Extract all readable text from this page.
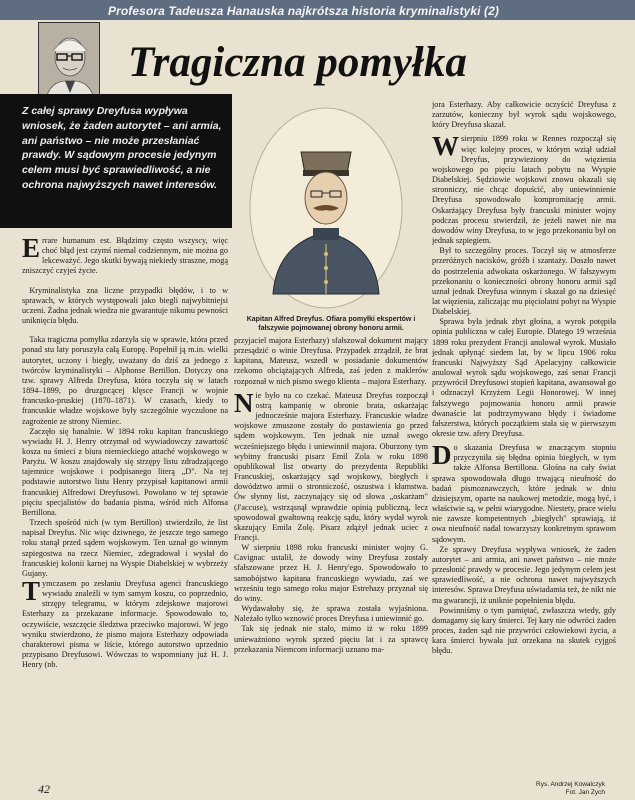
Profesora Tadeusza Hanauska najkrótsza historia kryminalistyki (2)
Tragiczna pomyłka
Z całej sprawy Dreyfusa wypływa wniosek, że żaden autorytet – ani armia, ani państwo – nie może przesłaniać prawdy. W sądowym procesie jedynym celem musi być sprawiedliwość, a nie ochrona najwyższych nawet interesów.
Kapitan Alfred Dreyfus. Ofiara pomyłki ekspertów i fałszywie pojmowanej obrony honoru armii.

Errare humanum est. Błądzimy często wszyscy, więc choć błąd jest czymś niemal codziennym, nie można go lekceważyć. Jego skutki bywają niekiedy straszne, mogą zniszczyć czyjeś życie.

Kryminalistyka zna liczne przypadki błędów, i to w sprawach, w których występowali jako biegli najwybitniejsi uczeni. Żadna jednak wiedza nie gwarantuje nikomu pewności uniknięcia błędu.

Taka tragiczna pomyłka zdarzyła się w sprawie, która przed ponad stu laty poruszyła całą Europę. Popełnił ją m.in. wielki autorytet, uczony i biegły, uważany do dziś za jednego z twórców kryminalistyki – Alphonse Bertillon. Dotyczy ona tzw. sprawy Alfreda Dreyfusa, która toczyła się w latach 1894–1899, po druzgocącej klęsce Francji w wojnie francusko-pruskiej (1870–1871). W czasach, kiedy to francuskie władze wojskowe były szczególnie wyczulone na zagrożenie ze strony Niemiec.

Zaczęło się banalnie. W 1894 roku kapitan francuskiego wywiadu H. J. Henry otrzymał od wywiadowczy zawartość kosza na śmieci z biura niemieckiego attaché wojskowego w Paryżu. W koszu znajdowały się strzępy listu zdradzającego tajemnice wojskowe i podpisanego literą „D". Na tej podstawie autorstwo listu Henry przypisał kapitanowi armii francuskiej Alfredowi Dreyfusowi. Powołano w tej sprawie pięciu specjalistów do badania pisma, wśród nich Alfonsa Bertillona.

Trzech spośród nich (w tym Bertillon) stwierdziło, że list napisał Dreyfus. Nic więc dziwnego, że jeszcze tego samego roku stanął przed sądem wojskowym. Ten uznał go winnym szpiegostwa na rzecz Niemiec, zdegradował i wysłał do francuskiej kolonii karnej na Wyspie Diabelskiej w wybrzeży Gujany.

Tymczasem po zesłaniu Dreyfusa agenci francuskiego wywiadu znaleźli w tym samym koszu, co poprzednio, strzępy telegramu, w którym zdejskowe majorowi Esterhazy za przekazane informacje. Spowodowało to, oczywiście, wszczęcie śledztwa przeciwko majorowi. W jego wyniku stwierdzono, że pismo majora Esterhazy odpowiada charakterowi pisma w liście, którego autorstwo uprzednio przypisano Dreyfusowi. Wówczas to wspomniany już H. J. Henry (nb.

przyjaciel majora Esterhazy) sfałszował dokument mający przesądzić o winie Dreyfusa. Przypadek zrządził, że brat kapitana, Mateusz, wszedł w posiadanie dokumentów rzekomo obciążających Alfreda, zaś jeden z maklerów rozpoznał w nich pismo swego klienta – majora Esterhazy.

Nie było na co czekać. Mateusz Dreyfus rozpoczął ostrą kampanię w obronie brata, oskarżając jednocześnie majora Esterhazy. Francuskie władze wojskowe zmuszone zostały do postawienia go przed sądem wojskowym. Ten jednak nie uznał swego wcześniejszego błędu i uniewinnił majora. Oburzony tym wybitny francuski pisarz Emil Zola w roku 1898 opublikował list otwarty do prezydenta Republiki Francuskiej, oskarżający sąd wojskowy, biegłych i dowództwo armii o stronniczość, oszustwa i kłamstwa. Ów słynny list, zaczynający się od słowa „oskarżam" (J'accuse), wstrząsnął wprawdzie opinią publiczną, lecz spowodował gwałtowną reakcję sądu, który wydał wyrok skazujący Emila Zolę. Pisarz zdążył jednak uciec z Francji.

W sierpniu 1898 roku francuski minister wojny G. Cavignac ustalił, że dowody winy Dreyfusa zostały sfałszowane przez H. J. Henry'ego. Spowodowało to samobójstwo kapitana francuskiego wywiadu, zaś we wrześniu tego samego roku major Estrehazy przyznał się do winy.

Wydawałoby się, że sprawa została wyjaśniona. Należało tylko wznowić proces Dreyfusa i uniewinnić go.

Tak się jednak nie stało, mimo iż w roku 1899 unieważniono wyrok sprzed pięciu lat i za sprawcę przekazania Niemcom informacji uznano ma-

jora Esterhazy. Aby całkowicie oczyścić Dreyfusa z zarzutów, konieczny był wyrok sądu wojskowego, który Dreyfusa skazał.

Wsierpniu 1899 roku w Rennes rozpoczął się więc kolejny proces, w którym wziął udział Dreyfus, przywieziony do więzienia wojskowego po pięciu latach pobytu na Wyspie Diabelskiej. Sędziowie wojskowi znowu okazali się stronniczy, nie chcąc dopuścić, aby uniewinnienie Dreyfusa spowodowało kompromitację armii. Oskarżający Dreyfusa były francuski minister wojny podczas procesu stwierdził, że jeżeli nawet nie ma dowodów winy Dreyfusa, to w jego przekonaniu był on jednak szpiegiem.

Był to szczególny proces. Toczył się w atmosferze przeróżnych nacisków, gróźb i szantaży. Doszło nawet do postrzelenia adwokata oskarżonego. W fałszywym przekonaniu o konieczności obrony honoru armii sąd uznał jednak Dreyfusa winnym i skazał go na dziesięć lat więzienia, zaliczając mu pięciolatni pobyt na Wyspie Diabelskiej.

Sprawa była jednak zbyt głośna, a wyrok potępiła opinia publiczna w całej Europie. Dlatego 19 września 1899 roku prezydent Francji anulował wyrok. Musiało jednak upłynąć siedem lat, by w lipcu 1906 roku francuski Najwyższy Sąd Apelacyjny całkowicie anulował wyrok sądu wojskowego, zaś senat Francji przywrócił Dreyfusowi stopień kapitana, awansował go i odznaczył Krzyżem Legii Honorowej. W innej fałszywego pojmowania honoru armii prawie dwanaście lat podtrzymywano błędy i świadome fałszerstwa, których początkiem stała się w pierwszym okresie tzw. afery Dreyfusa.

Do skazania Dreyfusa w znaczącym stopniu przyczyniła się błędna opinia biegłych, w tym także Alfonsa Bertillona. Głośna na cały świat sprawa spowodowała długo trwającą nieufność do badań pismoznawczych, które jednak w dniu dzisiejszym, oparte na naukowej metodzie, mogą być, i właściwie są, w pełni wiarygodne. Niestety, prace wielu nie zawsze kompetentnych „biegłych" sprawiają, iż owa nieufność nadal towarzyszy konkretnym sprawom sądowym.

Ze sprawy Dreyfusa wypływa wniosek, że żaden autorytet – ani armia, ani nawet państwo – nie może przesłonić prawdy w procesie. Jego jedynym celem jest sprawiedliwość, a nie ochrona nawet najwyższych interesów. Sprawa Dreyfusa uświadamia też, że nikt nie ma gwarancji, iż uniknie popełnienia błędu.

Powinniśmy o tym pamiętać, zwłaszcza wtedy, gdy domagamy się kary śmierci. Tej kary nie odwróci żaden proces, żaden sąd nie przywróci człowiekowi życia, a kara śmierci bywała już orzekana na skutek cyjgoś błędu.

42	Rys. Andrzej Kowalczyk
Fot. Jan Zych
